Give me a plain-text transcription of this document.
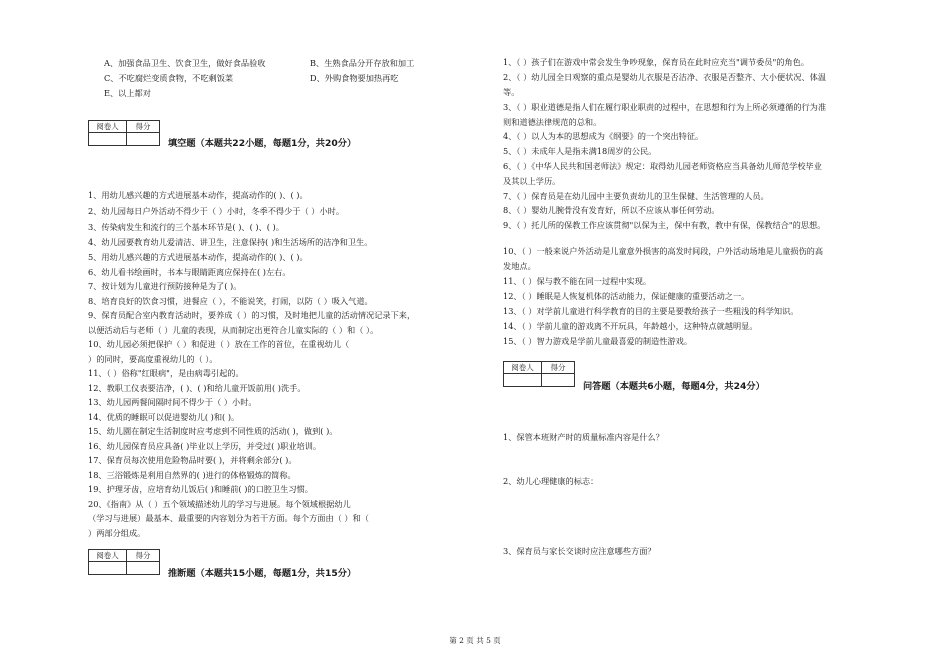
A、加强食品卫生、饮食卫生，做好食品验收	B、生熟食品分开存放和加工
C、不吃腐烂变质食物，不吃剩饭菜	D、外购食物要加热再吃
E、以上都对
阅卷人	得分
填空题（本题共22小题，每题1分，共20分）
1、用幼儿感兴趣的方式进展基本动作，提高动作的( )、( )。
2、幼儿园每日户外活动不得少于（ ）小时，冬季不得少于（ ）小时。
3、传染病发生和流行的三个基本环节是( )、( )、( )。
4、幼儿园要教育幼儿爱清洁、讲卫生，注意保持( )和生活场所的洁净和卫生。
5、用幼儿感兴趣的方式进展基本动作，提高动作的( )、( )。
6、幼儿看书绘画时，书本与眼睛距离应保持在( )左右。
7、按计划为儿童进行预防接种是为了( )。
8、培育良好的饮食习惯，进餐应（ ），不能说笑，打闹，以防（ ）吸入气道。
9、保育员配合室内教育活动时，要养成（ ）的习惯，及时地把儿童的活动情况记录下来，
以便活动后与老师（ ）儿童的表现，从而制定出更符合儿童实际的（ ）和（ ）。
10、幼儿园必须把保护（ ）和促进（ ）放在工作的首位，在重视幼儿（
）的同时，要高度重视幼儿的（ ）。
11、（ ）俗称"红眼病"，是由病毒引起的。
12、教职工仪表要洁净，( )、( )和给儿童开饭前用( )洗手。
13、幼儿园两餐间隔时间不得少于（ ）小时。
14、优质的睡眠可以促进婴幼儿( )和( )。
15、幼儿園在制定生活制度时应考虑到不同性质的活动( )，做到( )。
16、幼儿园保育员应具备( )毕业以上学历，并受过( )职业培训。
17、保育员每次使用危险物品时要( )，并将剩余部分( )。
18、三浴锻炼是利用自然界的( )进行的体格锻炼的简称。
19、护理牙齿，应培育幼儿饭后( )和睡前( )的口腔卫生习惯。
20、《指南》从（ ）五个领域描述幼儿的学习与进展。每个领域根据幼儿
（学习与进展）最基本、最重要的内容划分为若干方面。每个方面由（ ）和（
）两部分组成。
阅卷人	得分
推断题（本题共15小题，每题1分，共15分）
1、（ ）孩子们在游戏中常会发生争吵现象，保育员在此时应充当"调节委员"的角色。
2、（ ）幼儿园全日观察的重点是婴幼儿衣服是否洁净、衣服是否整齐、大小便状况、体温
等。
3、（ ）职业道德是指人们在履行职业职责的过程中，在思想和行为上所必须遵循的行为准
则和道德法律规范的总和。
4、（ ）以人为本的思想成为《纲要》的一个突出特征。
5、（ ）未成年人是指未满18周岁的公民。
6、（ ）《中华人民共和国老师法》规定：取得幼儿园老师资格应当具备幼儿师范学校毕业
及其以上学历。
7、（ ）保育员是在幼儿园中主要负责幼儿的卫生保健、生活管理的人员。
8、（ ）婴幼儿腕骨没有发育好，所以不应该从事任何劳动。
9、（ ）托儿所的保教工作应该贯彻"以保为主，保中有教，教中有保，保教结合"的思想。
10、（ ）一般来说户外活动是儿童意外损害的高发时间段，户外活动场地是儿童损伤的高
发地点。
11、（ ）保与教不能在同一过程中实现。
12、（ ）睡眠是人恢复机体的活动能力，保证健康的重要活动之一。
13、（ ）对学前儿童进行科学教育的目的主要是要教给孩子一些粗浅的科学知识。
14、（ ）学前儿童的游戏离不开玩具，年龄越小，这种特点就越明显。
15、（ ）智力游戏是学前儿童最喜爱的制造性游戏。
阅卷人	得分
问答题（本题共6小题，每题4分，共24分）
1、保管本班财产时的质量标准内容是什么？
2、幼儿心理健康的标志：
3、保育员与家长交谈时应注意哪些方面？
第 2 页 共 5 页
